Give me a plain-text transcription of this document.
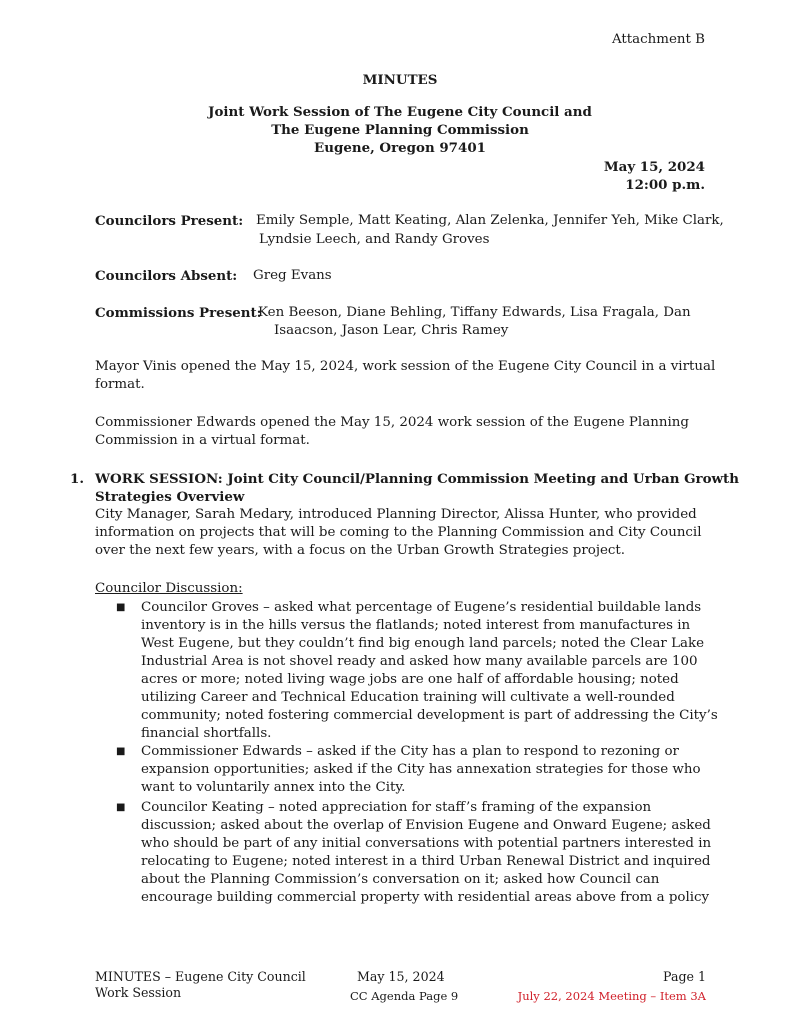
Attachment B
MINUTES
Joint Work Session of The Eugene City Council and
The Eugene Planning Commission
Eugene, Oregon 97401
May 15, 2024
12:00 p.m.
Councilors Present: Emily Semple, Matt Keating, Alan Zelenka, Jennifer Yeh, Mike Clark,
Lyndsie Leech, and Randy Groves
Councilors Absent: Greg Evans
Commissions Present:
Ken Beeson, Diane Behling, Tiffany Edwards, Lisa Fragala, Dan
Isaacson, Jason Lear, Chris Ramey
Mayor Vinis opened the May 15, 2024, work session of the Eugene City Council in a virtual
format.
Commissioner Edwards opened the May 15, 2024 work session of the Eugene Planning
Commission in a virtual format.
1. WORK SESSION: Joint City Council/Planning Commission Meeting and Urban Growth
Strategies Overview
City Manager, Sarah Medary, introduced Planning Director, Alissa Hunter, who provided
information on projects that will be coming to the Planning Commission and City Council
over the next few years, with a focus on the Urban Growth Strategies project.
Councilor Discussion:
■ Councilor Groves – asked what percentage of Eugene’s residential buildable lands
inventory is in the hills versus the flatlands; noted interest from manufactures in
West Eugene, but they couldn’t find big enough land parcels; noted the Clear Lake
Industrial Area is not shovel ready and asked how many available parcels are 100
acres or more; noted living wage jobs are one half of affordable housing; noted
utilizing Career and Technical Education training will cultivate a well-rounded
community; noted fostering commercial development is part of addressing the City’s
financial shortfalls.
■ Commissioner Edwards – asked if the City has a plan to respond to rezoning or
expansion opportunities; asked if the City has annexation strategies for those who
want to voluntarily annex into the City.
■ Councilor Keating – noted appreciation for staff’s framing of the expansion
discussion; asked about the overlap of Envision Eugene and Onward Eugene; asked
who should be part of any initial conversations with potential partners interested in
relocating to Eugene; noted interest in a third Urban Renewal District and inquired
about the Planning Commission’s conversation on it; asked how Council can
encourage building commercial property with residential areas above from a policy
MINUTES – Eugene City Council
Work Session
May 15, 2024
CC Agenda Page 9
Page 1
July 22, 2024 Meeting – Item 3A
